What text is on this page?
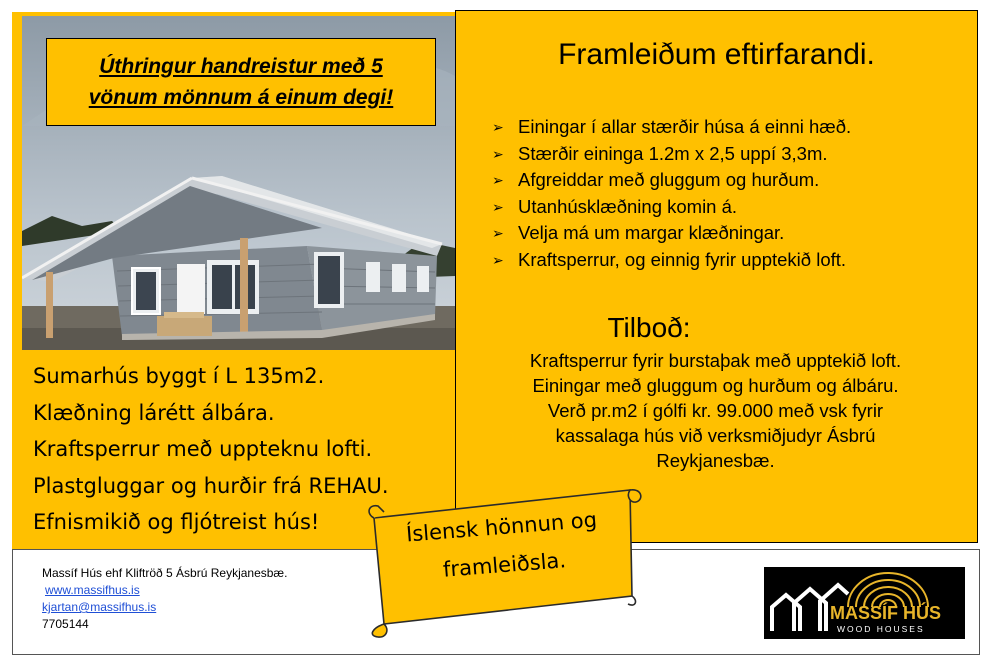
Úthringur handreistur með 5
vönum mönnum á einum degi!
Sumarhús byggt í L 135m2.
Klæðning lárétt álbára.
Kraftsperrur með uppteknu lofti.
Plastgluggar og hurðir frá REHAU.
Efnismikið og fljótreist hús!
Framleiðum eftirfarandi.
➢ Einingar í allar stærðir húsa á einni hæð.
➢ Stærðir eininga 1.2m x 2,5 uppí 3,3m.
➢ Afgreiddar með gluggum og hurðum.
➢ Utanhúsklæðning komin á.
➢ Velja má um margar klæðningar.
➢ Kraftsperrur, og einnig fyrir upptekið loft.
Tilboð:
Kraftsperrur fyrir burstaþak með upptekið loft.
Einingar með gluggum og hurðum og álbáru.
Verð pr.m2 í gólfi kr. 99.000 með vsk fyrir
kassalaga hús við verksmiðjudyr Ásbrú
Reykjanesbæ.
Massíf Hús ehf Kliftröð 5 Ásbrú Reykjanesbæ.
www.massifhus.is
kjartan@massifhus.is
7705144
MASSÍF HÚS
WOOD HOUSES
Íslensk hönnun og
framleiðsla.
